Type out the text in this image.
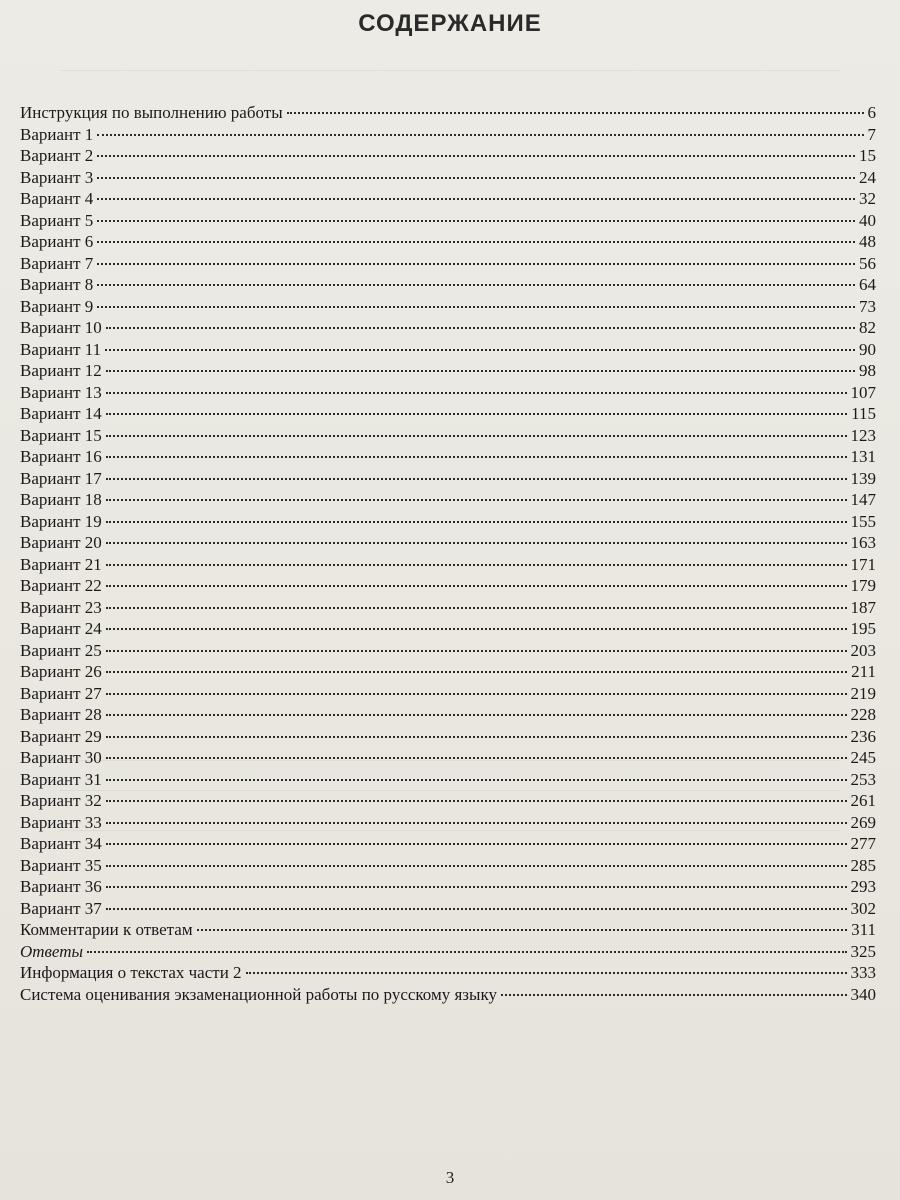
СОДЕРЖАНИЕ
Инструкция по выполнению работы	6
Вариант 1	7
Вариант 2	15
Вариант 3	24
Вариант 4	32
Вариант 5	40
Вариант 6	48
Вариант 7	56
Вариант 8	64
Вариант 9	73
Вариант 10	82
Вариант 11	90
Вариант 12	98
Вариант 13	107
Вариант 14	115
Вариант 15	123
Вариант 16	131
Вариант 17	139
Вариант 18	147
Вариант 19	155
Вариант 20	163
Вариант 21	171
Вариант 22	179
Вариант 23	187
Вариант 24	195
Вариант 25	203
Вариант 26	211
Вариант 27	219
Вариант 28	228
Вариант 29	236
Вариант 30	245
Вариант 31	253
Вариант 32	261
Вариант 33	269
Вариант 34	277
Вариант 35	285
Вариант 36	293
Вариант 37	302
Комментарии к ответам	311
Ответы	325
Информация о текстах части 2	333
Система оценивания экзаменационной работы по русскому языку	340
3
